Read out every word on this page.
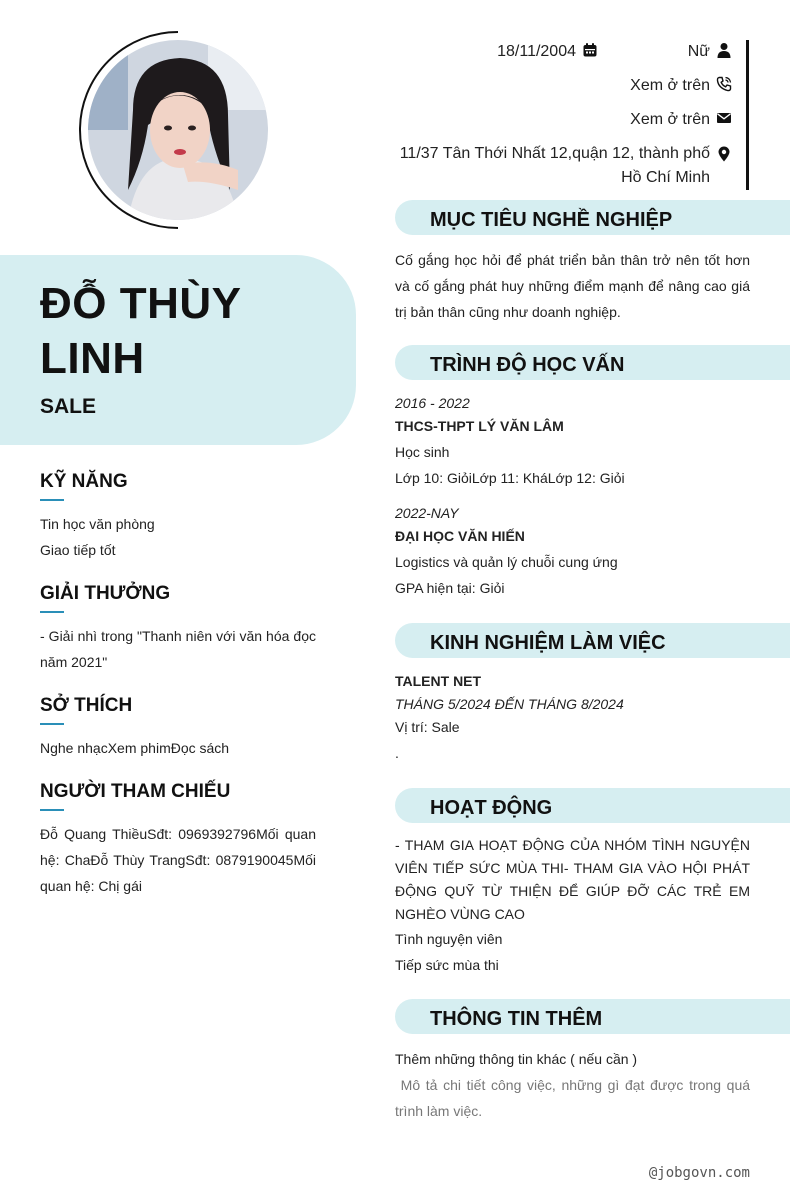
ĐỖ THÙY LINH
SALE
KỸ NĂNG
Tin học văn phòng
Giao tiếp tốt
GIẢI THƯỞNG
- Giải nhì trong "Thanh niên với văn hóa đọc năm 2021"
SỞ THÍCH
Nghe nhạcXem phimĐọc sách
NGƯỜI THAM CHIẾU
Đỗ Quang ThiềuSđt: 0969392796Mối quan hệ: ChaĐỗ Thùy TrangSđt: 0879190045Mối quan hệ: Chị gái
18/11/2004	Nữ
Xem ở trên
Xem ở trên
11/37 Tân Thới Nhất 12,quận 12, thành phố Hồ Chí Minh
MỤC TIÊU NGHỀ NGHIỆP
Cố gắng học hỏi để phát triển bản thân trở nên tốt hơn và cố gắng phát huy những điểm mạnh để nâng cao giá trị bản thân cũng như doanh nghiệp.
TRÌNH ĐỘ HỌC VẤN
2016 - 2022
THCS-THPT LÝ VĂN LÂM
Học sinh
Lớp 10: GiỏiLớp 11: KháLớp 12: Giỏi
2022-NAY
ĐẠI HỌC VĂN HIẾN
Logistics và quản lý chuỗi cung ứng
GPA hiện tại: Giỏi
KINH NGHIỆM LÀM VIỆC
TALENT NET
THÁNG 5/2024 ĐẾN THÁNG 8/2024
Vị trí: Sale
.
HOẠT ĐỘNG
- THAM GIA HOẠT ĐỘNG CỦA NHÓM TÌNH NGUYỆN VIÊN TIẾP SỨC MÙA THI- THAM GIA VÀO HỘI PHÁT ĐỘNG QUỸ TỪ THIỆN ĐỂ GIÚP ĐỠ CÁC TRẺ EM NGHÈO VÙNG CAO
Tình nguyện viên
Tiếp sức mùa thi
THÔNG TIN THÊM
Thêm những thông tin khác ( nếu cần )
Mô tả chi tiết công việc, những gì đạt được trong quá trình làm việc.
@jobgovn.com
